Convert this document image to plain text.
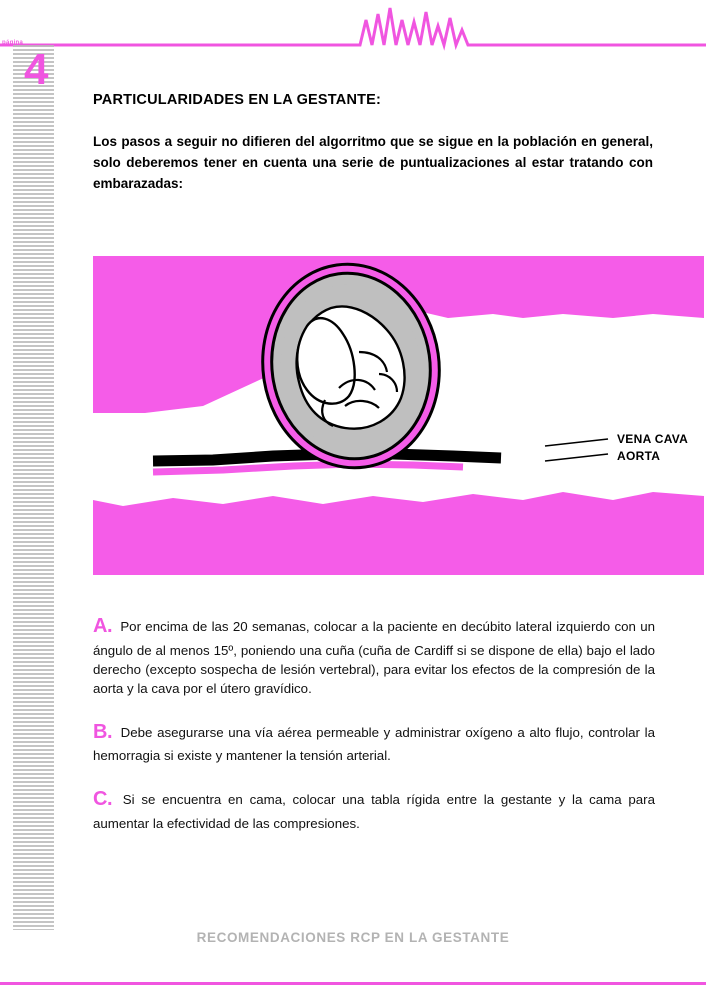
página
4
PARTICULARIDADES EN LA GESTANTE:

Los pasos a seguir no difieren del algorritmo que se sigue en la población en general, solo deberemos tener en cuenta una serie de puntualizaciones al estar tratando con embarazadas:

VENA CAVA
AORTA

A. Por encima de las 20 semanas, colocar a la paciente en decúbito lateral izquierdo con un ángulo de al menos 15º, poniendo una cuña (cuña de Cardiff si se dispone de ella) bajo el lado derecho (excepto sospecha de lesión vertebral), para evitar los efectos de la compresión de la aorta y la cava por el útero gravídico.

B. Debe asegurarse una vía aérea permeable y administrar oxígeno a alto flujo, controlar la hemorragia si existe y mantener la tensión arterial.

C. Si se encuentra en cama, colocar una tabla rígida entre la gestante y la cama para aumentar la efectividad de las compresiones.

RECOMENDACIONES RCP EN LA GESTANTE
